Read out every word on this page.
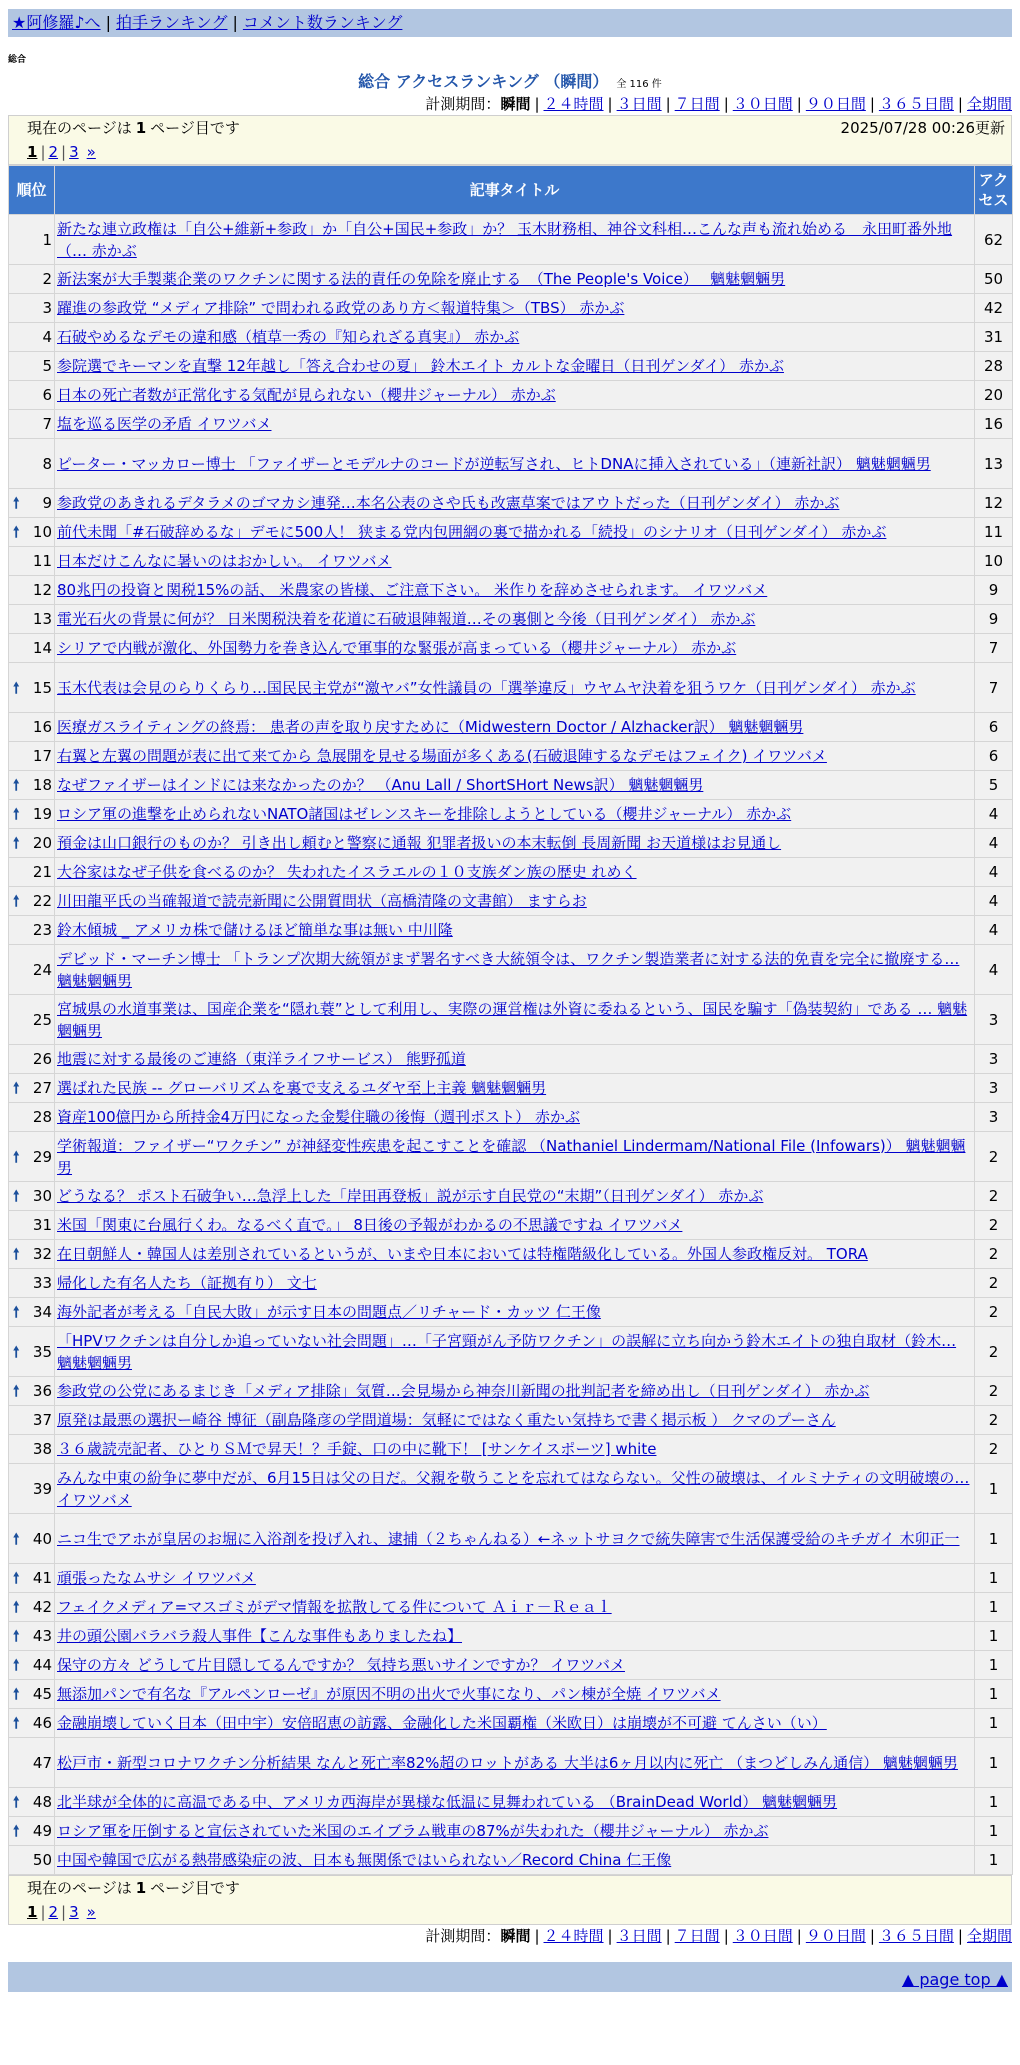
★阿修羅♪へ | 拍手ランキング | コメント数ランキング
総合
総合 アクセスランキング （瞬間） 全 116 件
計測期間：瞬間 | ２４時間 | ３日間 | ７日間 | ３０日間 | ９０日間 | ３６５日間 | 全期間
現在のページは 1 ページ目です	2025/07/28 00:26更新
1 | 2 | 3 »
順位	記事タイトル	アクセス
1	新たな連立政権は「自公+維新+参政」か「自公+国民+参政」か？ 玉木財務相、神谷文科相…こんな声も流れ始める　永田町番外地（… 赤かぶ	62
2	新法案が大手製薬企業のワクチンに関する法的責任の免除を廃止する　（The People's Voice）　 魑魅魍魎男	50
3	躍進の参政党 “メディア排除” で問われる政党のあり方＜報道特集＞（TBS） 赤かぶ	42
4	石破やめるなデモの違和感（植草一秀の『知られざる真実』） 赤かぶ	31
5	参院選でキーマンを直撃 12年越し「答え合わせの夏」 鈴木エイト カルトな金曜日（日刊ゲンダイ） 赤かぶ	28
6	日本の死亡者数が正常化する気配が見られない（櫻井ジャーナル） 赤かぶ	20
7	塩を巡る医学の矛盾 イワツバメ	16
8	ピーター・マッカロー博士 「ファイザーとモデルナのコードが逆転写され、ヒトDNAに挿入されている」（連新社訳） 魑魅魍魎男	13

🠕 9	参政党のあきれるデタラメのゴマカシ連発…本名公表のさや氏も改憲草案ではアウトだった（日刊ゲンダイ） 赤かぶ	12

🠕 10	前代未聞「#石破辞めるな」デモに500人！ 狭まる党内包囲網の裏で描かれる「続投」のシナリオ（日刊ゲンダイ） 赤かぶ	11
11	日本だけこんなに暑いのはおかしい。 イワツバメ	10
12	80兆円の投資と関税15%の話、 米農家の皆様、ご注意下さい。 米作りを辞めさせられます。 イワツバメ	9
13	電光石火の背景に何が？ 日米関税決着を花道に石破退陣報道…その裏側と今後（日刊ゲンダイ） 赤かぶ	9
14	シリアで内戦が激化、外国勢力を巻き込んで軍事的な緊張が高まっている（櫻井ジャーナル） 赤かぶ	7

🠕 15	玉木代表は会見のらりくらり…国民民主党が“激ヤバ”女性議員の「選挙違反」ウヤムヤ決着を狙うワケ（日刊ゲンダイ） 赤かぶ	7
16	医療ガスライティングの終焉： 患者の声を取り戻すために（Midwestern Doctor / Alzhacker訳） 魑魅魍魎男	6
17	右翼と左翼の問題が表に出て来てから 急展開を見せる場面が多くある(石破退陣するなデモはフェイク) イワツバメ	6

🠕 18	なぜファイザーはインドには来なかったのか？ （Anu Lall / ShortSHort News訳） 魑魅魍魎男	5

🠕 19	ロシア軍の進撃を止められないNATO諸国はゼレンスキーを排除しようとしている（櫻井ジャーナル） 赤かぶ	4

🠕 20	預金は山口銀行のものか？ 引き出し頼むと警察に通報 犯罪者扱いの本末転倒 長周新聞 お天道様はお見通し	4
21	大谷家はなぜ子供を食べるのか？ 失われたイスラエルの１０支族ダン族の歴史 れめく	4

🠕 22	川田龍平氏の当確報道で読売新聞に公開質問状（高橋清隆の文書館） ますらお	4
23	鈴木傾城 _ アメリカ株で儲けるほど簡単な事は無い 中川隆	4
24	デビッド・マーチン博士 「トランプ次期大統領がまず署名すべき大統領令は、ワクチン製造業者に対する法的免責を完全に撤廃する… 魑魅魍魎男	4
25	宮城県の水道事業は、国産企業を“隠れ蓑”として利用し、実際の運営権は外資に委ねるという、国民を騙す「偽装契約」である … 魑魅魍魎男	3
26	地震に対する最後のご連絡（東洋ライフサービス） 熊野孤道	3

🠕 27	選ばれた民族 -- グローバリズムを裏で支えるユダヤ至上主義 魑魅魍魎男	3
28	資産100億円から所持金4万円になった金髪住職の後悔（週刊ポスト） 赤かぶ	3

🠕 29	学術報道：ファイザー“ワクチン” が神経変性疾患を起こすことを確認 （Nathaniel Lindermam/National File (Infowars)） 魑魅魍魎男	2

🠕 30	どうなる？ ポスト石破争い…急浮上した「岸田再登板」説が示す自民党の“末期”（日刊ゲンダイ） 赤かぶ	2
31	米国「関東に台風行くわ。なるべく直で。」 8日後の予報がわかるの不思議ですね イワツバメ	2

🠕 32	在日朝鮮人・韓国人は差別されているというが、いまや日本においては特権階級化している。外国人参政権反対。 TORA	2
33	帰化した有名人たち（証拠有り） 文七	2

🠕 34	海外記者が考える「自民大敗」が示す日本の問題点／リチャード・カッツ 仁王像	2

🠕 35	「HPVワクチンは自分しか追っていない社会問題」…「子宮頸がん予防ワクチン」の誤解に立ち向かう鈴木エイトの独自取材（鈴木… 魑魅魍魎男	2

🠕 36	参政党の公党にあるまじき「メディア排除」気質…会見場から神奈川新聞の批判記者を締め出し（日刊ゲンダイ） 赤かぶ	2
37	原発は最悪の選択ー崎谷 博征（副島隆彦の学問道場：気軽にではなく重たい気持ちで書く掲示板 ） クマのプーさん	2
38	３６歳読売記者、ひとりＳＭで昇天！？手錠、口の中に靴下！ [サンケイスポーツ] white	2
39	みんな中東の紛争に夢中だが、6月15日は父の日だ。父親を敬うことを忘れてはならない。父性の破壊は、イルミナティの文明破壊の… イワツバメ	1

🠕 40	ニコ生でアホが皇居のお堀に入浴剤を投げ入れ、逮捕（２ちゃんねる）←ネットサヨクで統失障害で生活保護受給のキチガイ 木卯正一	1

🠕 41	頑張ったなムサシ イワツバメ	1

🠕 42	フェイクメディア=マスゴミがデマ情報を拡散してる件について Ａｉｒ－Ｒｅａｌ	1

🠕 43	井の頭公園バラバラ殺人事件【こんな事件もありましたね】	1

🠕 44	保守の方々 どうして片目隠してるんですか？ 気持ち悪いサインですか？ イワツバメ	1

🠕 45	無添加パンで有名な『アルペンローゼ』が原因不明の出火で火事になり、パン棟が全焼 イワツバメ	1

🠕 46	金融崩壊していく日本（田中宇）安倍昭恵の訪露、金融化した米国覇権（米欧日）は崩壊が不可避 てんさい（い）	1
47	松戸市・新型コロナワクチン分析結果 なんと死亡率82%超のロットがある 大半は6ヶ月以内に死亡 （まつどしみん通信） 魑魅魍魎男	1

🠕 48	北半球が全体的に高温である中、アメリカ西海岸が異様な低温に見舞われている （BrainDead World） 魑魅魍魎男	1

🠕 49	ロシア軍を圧倒すると宣伝されていた米国のエイブラム戦車の87%が失われた（櫻井ジャーナル） 赤かぶ	1
50	中国や韓国で広がる熱帯感染症の波、日本も無関係ではいられない／Record China 仁王像	1
現在のページは 1 ページ目です
1 | 2 | 3 »
計測期間：瞬間 | ２４時間 | ３日間 | ７日間 | ３０日間 | ９０日間 | ３６５日間 | 全期間
▲ page top ▲
